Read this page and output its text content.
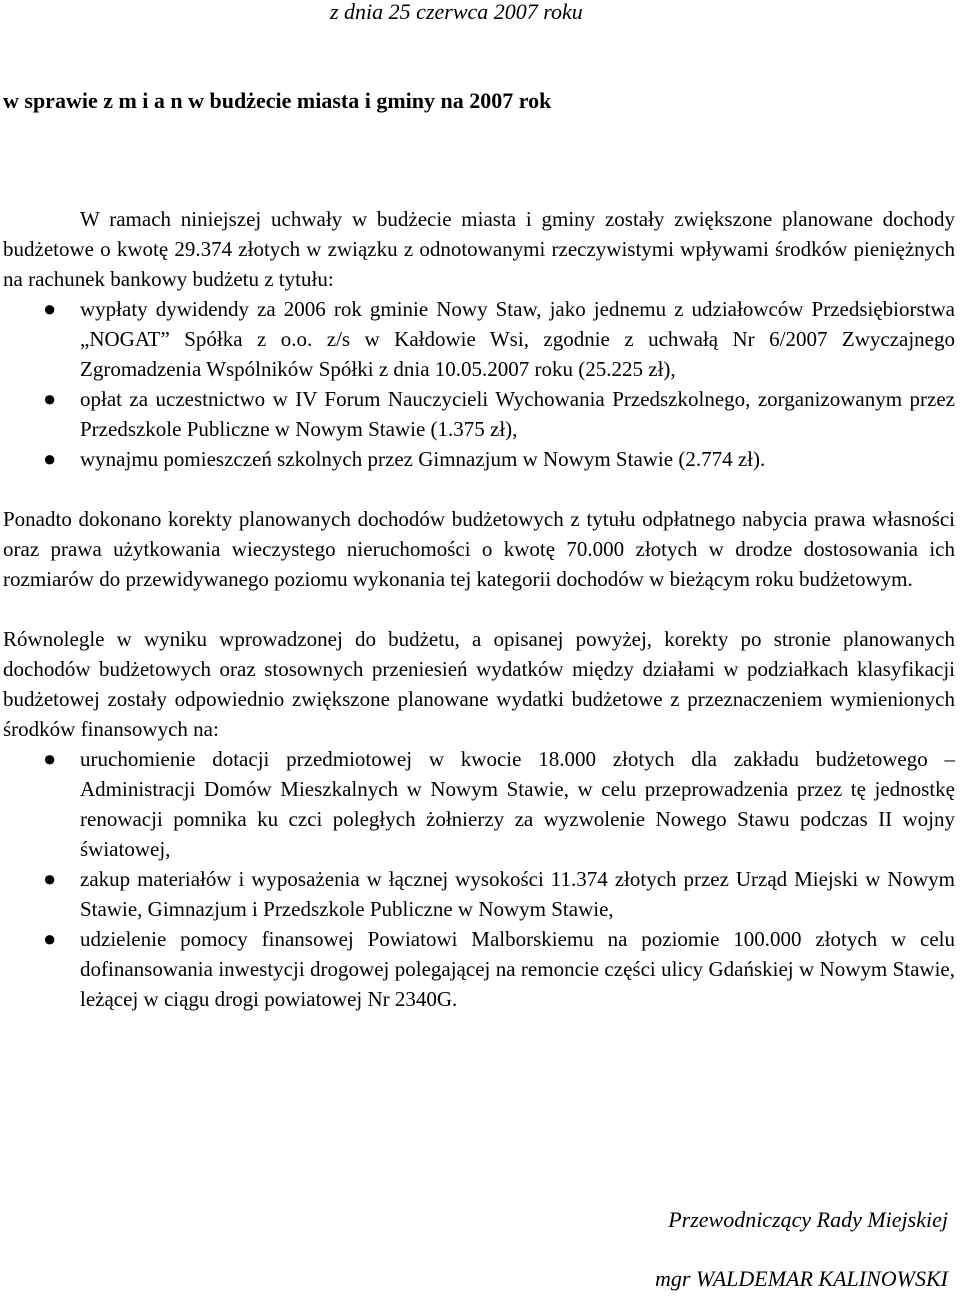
z dnia 25 czerwca 2007 roku
w sprawie z m i a n w budżecie miasta i gminy na 2007 rok

W ramach niniejszej uchwały w budżecie miasta i gminy zostały zwiększone planowane dochody budżetowe o kwotę 29.374 złotych w związku z odnotowanymi rzeczywistymi wpływami środków pieniężnych na rachunek bankowy budżetu z tytułu:

● wypłaty dywidendy za 2006 rok gminie Nowy Staw, jako jednemu z udziałowców Przedsiębiorstwa „NOGAT” Spółka z o.o. z/s w Kałdowie Wsi, zgodnie z uchwałą Nr 6/2007 Zwyczajnego Zgromadzenia Wspólników Spółki z dnia 10.05.2007 roku (25.225 zł),
● opłat za uczestnictwo w IV Forum Nauczycieli Wychowania Przedszkolnego, zorganizowanym przez Przedszkole Publiczne w Nowym Stawie (1.375 zł),
● wynajmu pomieszczeń szkolnych przez Gimnazjum w Nowym Stawie (2.774 zł).

Ponadto dokonano korekty planowanych dochodów budżetowych z tytułu odpłatnego nabycia prawa własności oraz prawa użytkowania wieczystego nieruchomości o kwotę 70.000 złotych w drodze dostosowania ich rozmiarów do przewidywanego poziomu wykonania tej kategorii dochodów w bieżącym roku budżetowym.

Równolegle w wyniku wprowadzonej do budżetu, a opisanej powyżej, korekty po stronie planowanych dochodów budżetowych oraz stosownych przeniesień wydatków między działami w podziałkach klasyfikacji budżetowej zostały odpowiednio zwiększone planowane wydatki budżetowe z przeznaczeniem wymienionych środków finansowych na:

● uruchomienie dotacji przedmiotowej w kwocie 18.000 złotych dla zakładu budżetowego – Administracji Domów Mieszkalnych w Nowym Stawie, w celu przeprowadzenia przez tę jednostkę renowacji pomnika ku czci poległych żołnierzy za wyzwolenie Nowego Stawu podczas II wojny światowej,
● zakup materiałów i wyposażenia w łącznej wysokości 11.374 złotych przez Urząd Miejski w Nowym Stawie, Gimnazjum i Przedszkole Publiczne w Nowym Stawie,
● udzielenie pomocy finansowej Powiatowi Malborskiemu na poziomie 100.000 złotych w celu dofinansowania inwestycji drogowej polegającej na remoncie części ulicy Gdańskiej w Nowym Stawie, leżącej w ciągu drogi powiatowej Nr 2340G.
Przewodniczący Rady Miejskiej
mgr WALDEMAR KALINOWSKI
